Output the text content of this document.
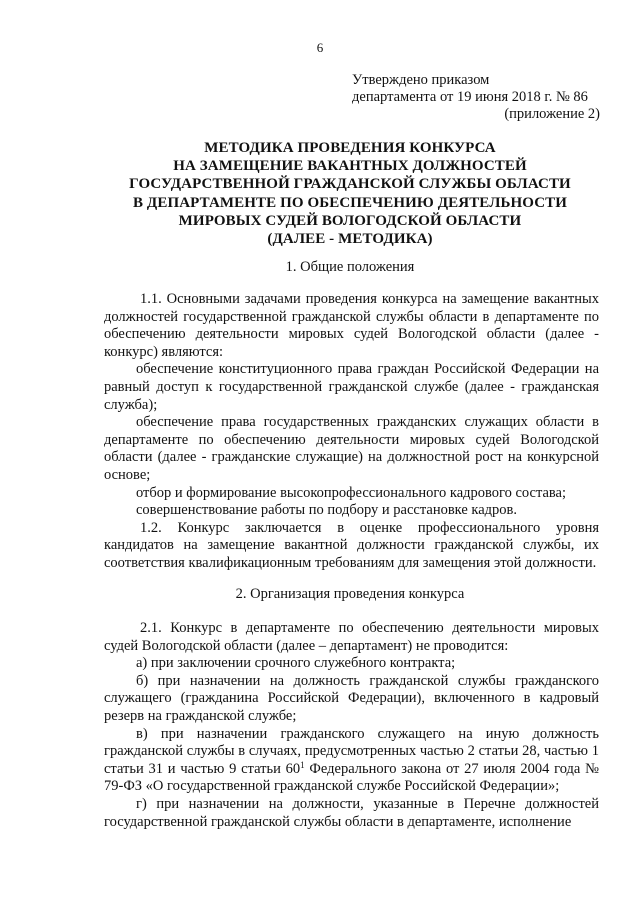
6
Утверждено приказом
департамента от 19 июня 2018 г. № 86
(приложение 2)
МЕТОДИКА ПРОВЕДЕНИЯ КОНКУРСА
НА ЗАМЕЩЕНИЕ ВАКАНТНЫХ ДОЛЖНОСТЕЙ
ГОСУДАРСТВЕННОЙ ГРАЖДАНСКОЙ СЛУЖБЫ ОБЛАСТИ
В ДЕПАРТАМЕНТЕ ПО ОБЕСПЕЧЕНИЮ ДЕЯТЕЛЬНОСТИ
МИРОВЫХ СУДЕЙ ВОЛОГОДСКОЙ ОБЛАСТИ
(ДАЛЕЕ - МЕТОДИКА)
1. Общие положения

1.1. Основными задачами проведения конкурса на замещение вакантных должностей государственной гражданской службы области в департаменте по обеспечению деятельности мировых судей Вологодской области (далее - конкурс) являются:

обеспечение конституционного права граждан Российской Федерации на равный доступ к государственной гражданской службе (далее - гражданская служба);

обеспечение права государственных гражданских служащих области в департаменте по обеспечению деятельности мировых судей Вологодской области (далее - гражданские служащие) на должностной рост на конкурсной основе;

отбор и формирование высокопрофессионального кадрового состава;

совершенствование работы по подбору и расстановке кадров.

1.2. Конкурс заключается в оценке профессионального уровня кандидатов на замещение вакантной должности гражданской службы, их соответствия квалификационным требованиям для замещения этой должности.

2. Организация проведения конкурса

2.1. Конкурс в департаменте по обеспечению деятельности мировых судей Вологодской области (далее – департамент) не проводится:

а) при заключении срочного служебного контракта;

б) при назначении на должность гражданской службы гражданского служащего (гражданина Российской Федерации), включенного в кадровый резерв на гражданской службе;

в) при назначении гражданского служащего на иную должность гражданской службы в случаях, предусмотренных частью 2 статьи 28, частью 1 статьи 31 и частью 9 статьи $60^1$ Федерального закона от 27 июля 2004 года № 79-ФЗ «О государственной гражданской службе Российской Федерации»;

г) при назначении на должности, указанные в Перечне должностей государственной гражданской службы области в департаменте, исполнение
